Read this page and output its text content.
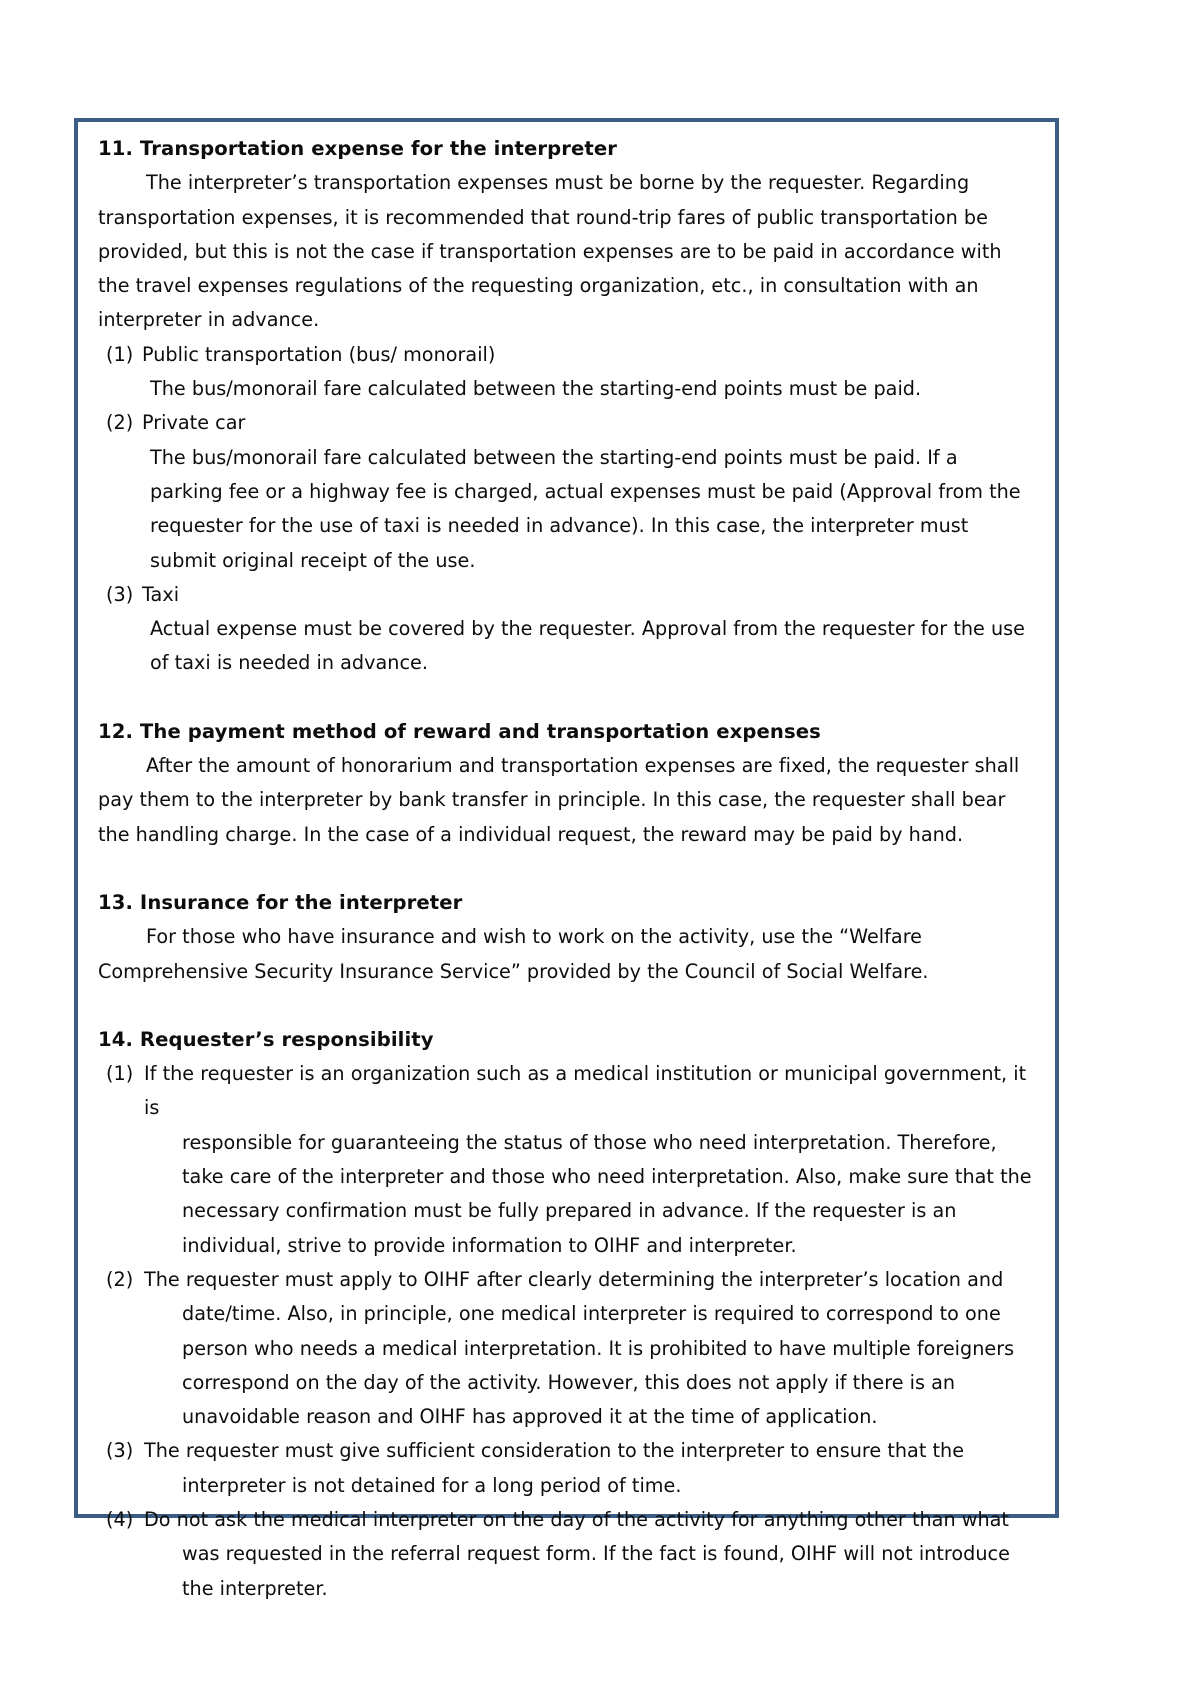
11. Transportation expense for the interpreter

The interpreter’s transportation expenses must be borne by the requester. Regarding transportation expenses, it is recommended that round-trip fares of public transportation be provided, but this is not the case if transportation expenses are to be paid in accordance with the travel expenses regulations of the requesting organization, etc., in consultation with an interpreter in advance.

(1) Public transportation (bus/ monorail)

The bus/monorail fare calculated between the starting-end points must be paid.

(2) Private car

The bus/monorail fare calculated between the starting-end points must be paid. If a parking fee or a highway fee is charged, actual expenses must be paid (Approval from the requester for the use of taxi is needed in advance). In this case, the interpreter must submit original receipt of the use.

(3) Taxi

Actual expense must be covered by the requester. Approval from the requester for the use of taxi is needed in advance.

12. The payment method of reward and transportation expenses

After the amount of honorarium and transportation expenses are fixed, the requester shall pay them to the interpreter by bank transfer in principle. In this case, the requester shall bear the handling charge. In the case of a individual request, the reward may be paid by hand.

13. Insurance for the interpreter

For those who have insurance and wish to work on the activity, use the “Welfare Comprehensive Security Insurance Service” provided by the Council of Social Welfare.

14. Requester’s responsibility
(1) If the requester is an organization such as a medical institution or municipal government, it is
responsible for guaranteeing the status of those who need interpretation. Therefore, take care of the interpreter and those who need interpretation. Also, make sure that the necessary confirmation must be fully prepared in advance. If the requester is an individual, strive to provide information to OIHF and interpreter.
(2) The requester must apply to OIHF after clearly determining the interpreter’s location and
date/time. Also, in principle, one medical interpreter is required to correspond to one person who needs a medical interpretation. It is prohibited to have multiple foreigners correspond on the day of the activity. However, this does not apply if there is an unavoidable reason and OIHF has approved it at the time of application.
(3) The requester must give sufficient consideration to the interpreter to ensure that the
interpreter is not detained for a long period of time.
(4) Do not ask the medical interpreter on the day of the activity for anything other than what
was requested in the referral request form. If the fact is found, OIHF will not introduce the interpreter.
